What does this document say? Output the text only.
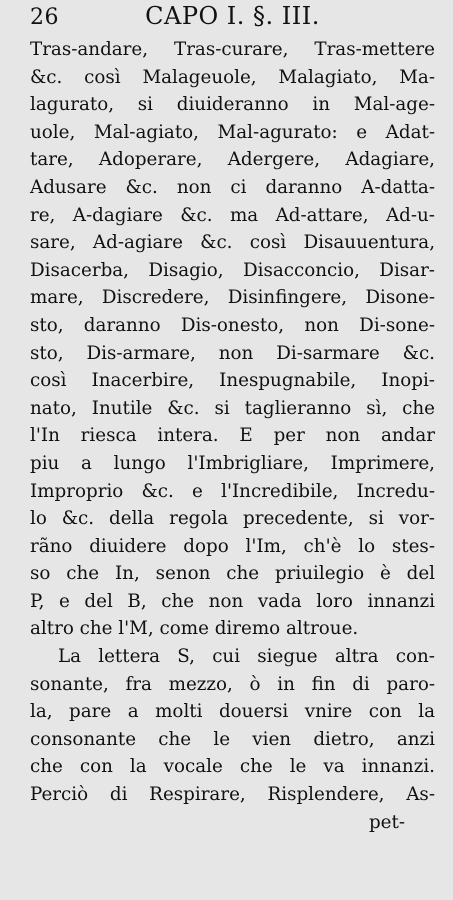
26	CAPO I. §. III.

Tras-andare, Tras-curare, Tras-mettere
&c. così Malageuole, Malagiato, Ma-
lagurato, si diuideranno in Mal-age-
uole, Mal-agiato, Mal-agurato: e Adat-
tare, Adoperare, Adergere, Adagiare,
Adusare &c. non ci daranno A-datta-
re, A-dagiare &c. ma Ad-attare, Ad-u-
sare, Ad-agiare &c. così Disauuentura,
Disacerba, Disagio, Disacconcio, Disar-
mare, Discredere, Disinfingere, Disone-
sto, daranno Dis-onesto, non Di-sone-
sto, Dis-armare, non Di-sarmare &c.
così Inacerbire, Inespugnabile, Inopi-
nato, Inutile &c. si taglieranno sì, che
l'In riesca intera. E per non andar
piu a lungo l'Imbrigliare, Imprimere,
Improprio &c. e l'Incredibile, Incredu-
lo &c. della regola precedente, si vor-
rãno diuidere dopo l'Im, ch'è lo stes-
so che In, senon che priuilegio è del
P, e del B, che non vada loro innanzi
altro che l'M, come diremo altroue.

La lettera S, cui siegue altra con-
sonante, fra mezzo, ò in fin di paro-
la, pare a molti douersi vnire con la
consonante che le vien dietro, anzi
che con la vocale che le va innanzi.
Perciò di Respirare, Risplendere, As-

pet-
